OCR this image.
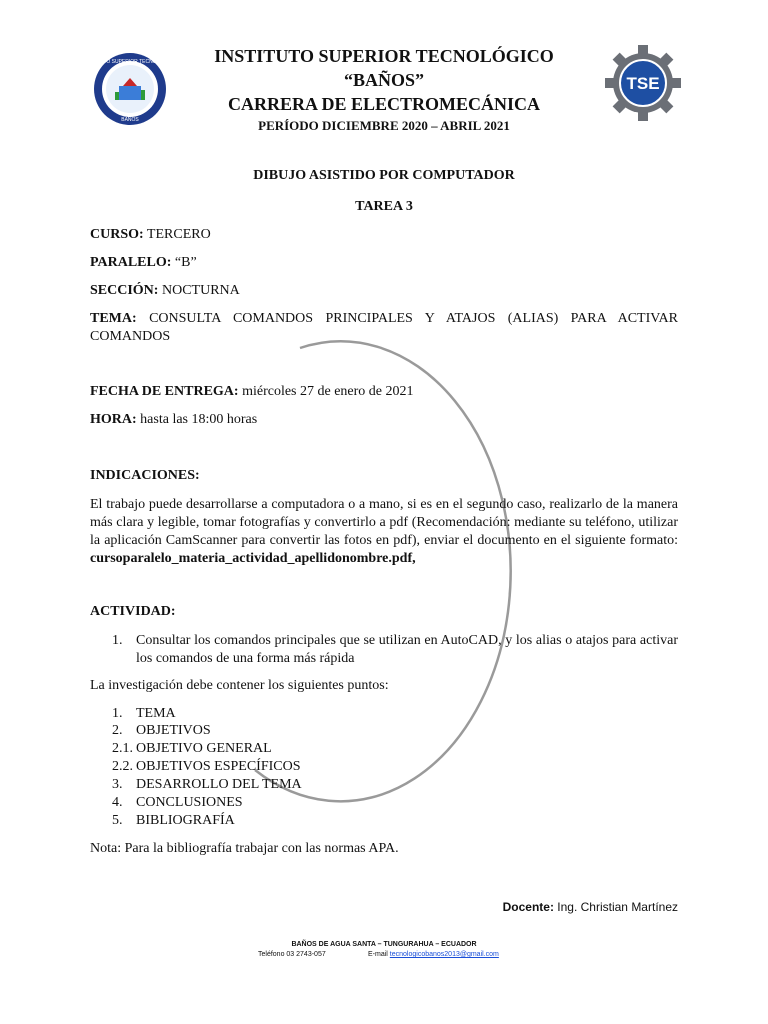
INSTITUTO SUPERIOR TECNOLÓGICO
BAÑOS
TSE
INSTITUTO SUPERIOR TECNOLÓGICO
“BAÑOS”
CARRERA DE ELECTROMECÁNICA
PERÍODO DICIEMBRE 2020 – ABRIL 2021
DIBUJO ASISTIDO POR COMPUTADOR
TAREA 3
CURSO: TERCERO
PARALELO: “B”
SECCIÓN: NOCTURNA
TEMA: CONSULTA COMANDOS PRINCIPALES Y ATAJOS (ALIAS) PARA ACTIVAR COMANDOS
FECHA DE ENTREGA: miércoles 27 de enero de 2021
HORA: hasta las 18:00 horas
INDICACIONES:
El trabajo puede desarrollarse a computadora o a mano, si es en el segundo caso, realizarlo de la manera más clara y legible, tomar fotografías y convertirlo a pdf (Recomendación: mediante su teléfono, utilizar la aplicación CamScanner para convertir las fotos en pdf), enviar el documento en el siguiente formato: cursoparalelo_materia_actividad_apellidonombre.pdf,
ACTIVIDAD:
1. Consultar los comandos principales que se utilizan en AutoCAD, y los alias o atajos para activar los comandos de una forma más rápida
La investigación debe contener los siguientes puntos:
1. TEMA
2. OBJETIVOS
2.1. OBJETIVO GENERAL
2.2. OBJETIVOS ESPECÍFICOS
3. DESARROLLO DEL TEMA
4. CONCLUSIONES
5. BIBLIOGRAFÍA
Nota: Para la bibliografía trabajar con las normas APA.
Docente: Ing. Christian Martínez
BAÑOS DE AGUA SANTA – TUNGURAHUA – ECUADOR
Teléfono 03 2743-057	E-mail tecnologicobanos2013@gmail.com
